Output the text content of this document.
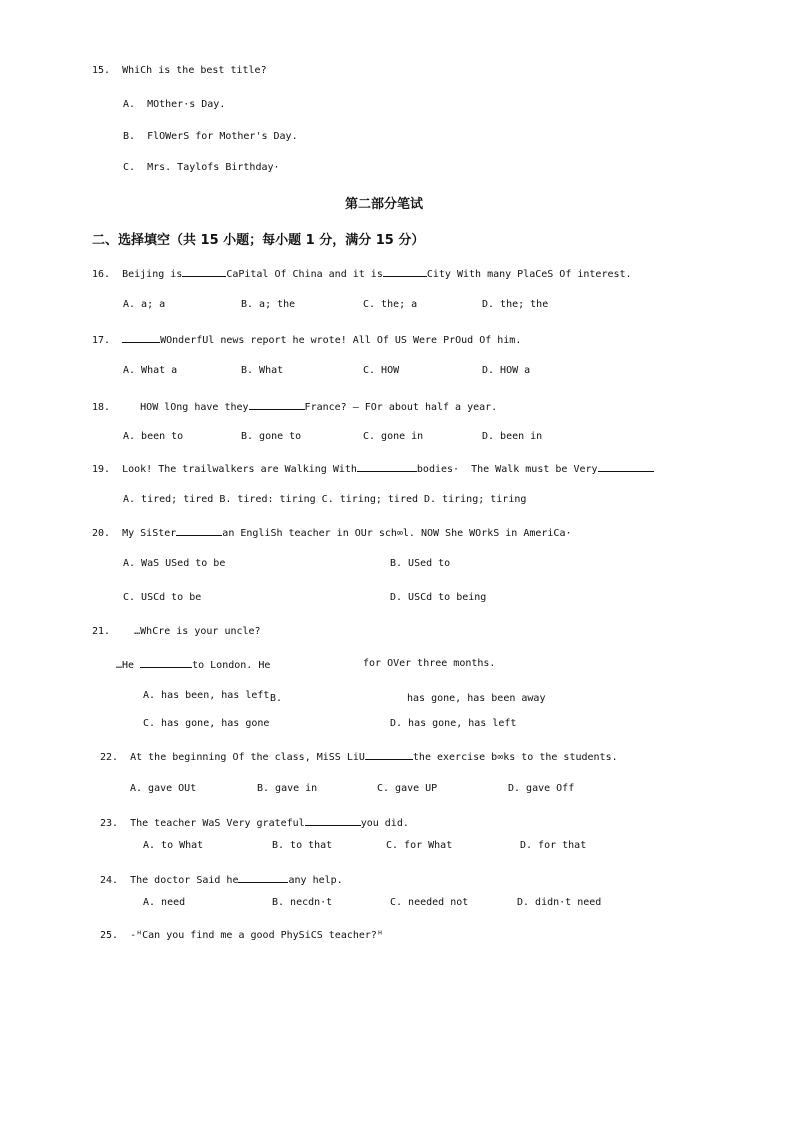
15.  WhiCh is the best title?
A.  MOther·s Day.
B.  FlOWerS for Mother's Day.
C.  Mrs. Taylofs Birthday·
第二部分笔试
二、选择填空（共 15 小题；每小题 1 分，满分 15 分）
16.  Beijing is	CaPital Of China and it is	City With many PlaCeS Of interest.
A. a; a	B. a; the	C. the; a	D. the; the
17.	WOnderfUl news report he wrote! All Of US Were PrOud Of him.
A. What a	B. What	C. HOW	D. HOW a
18.     HOW lOng have they	France? — FOr about half a year.
A. been to	B. gone to	C. gone in	D. been in
19.  Look! The trailwalkers are Walking With	bodies·  The Walk must be Very
A. tired; tired B. tired: tiring C. tiring; tired D. tiring; tiring
20.  My SiSter	an EngliSh teacher in OUr sch∞l. NOW She WOrkS in AmeriCa·
A. WaS USed to be	B. USed to
C. USCd to be	D. USCd to being
21.    …WhCre is your uncle?
…He	to London. He	for OVer three months.
A. has been, has left B.	has gone, has been away
C. has gone, has gone	D. has gone, has left
22.  At the beginning Of the class, MiSS LiU	the exercise b∞ks to the students.
A. gave OUt	B. gave in	C. gave UP	D. gave Off
23.  The teacher WaS Very grateful	you did.
A. to What	B. to that	C. for What	D. for that
24.  The doctor Said he	any help.
A. need	B. necdn·t	C. needed not	D. didn·t need
25.  -ᴴCan you find me a good PhySiCS teacher?ᴴ
